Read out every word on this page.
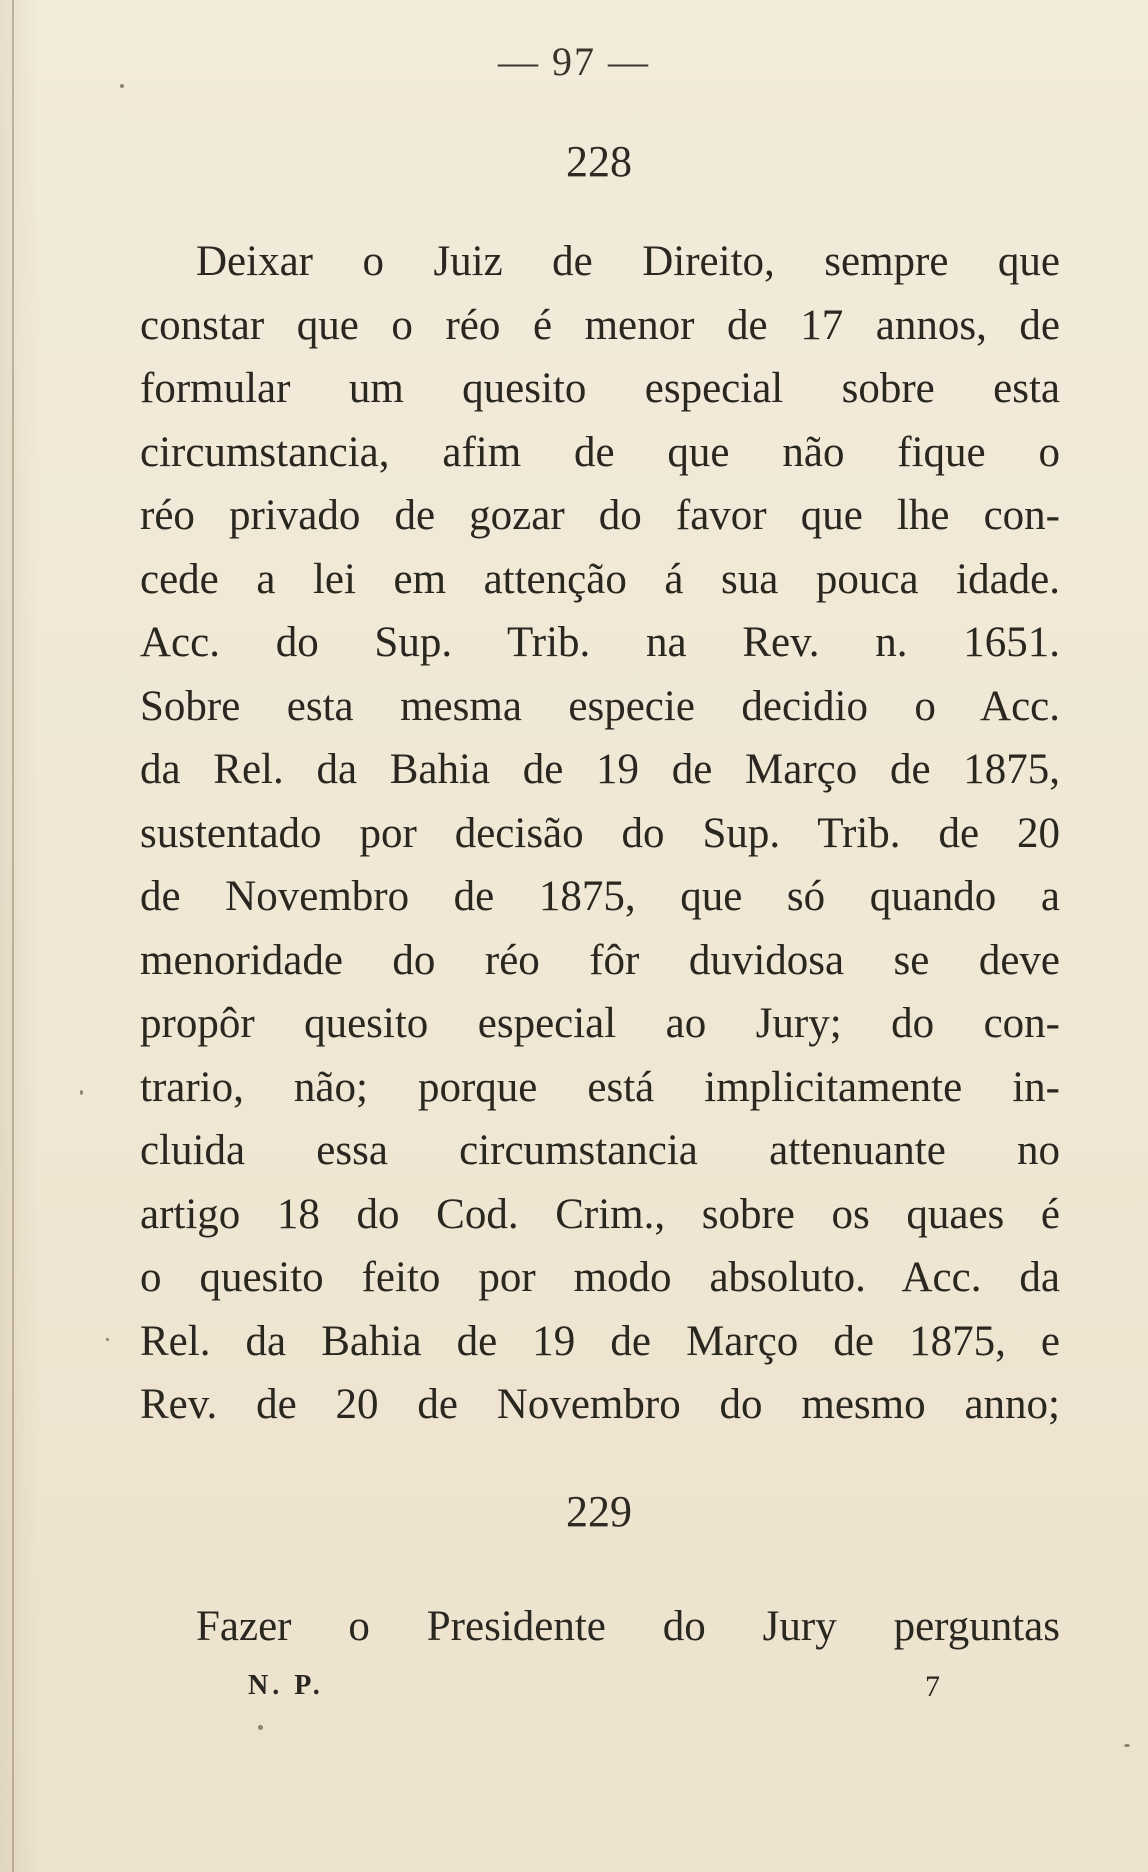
— 97 —
228
Deixar o Juiz de Direito, sempre que
constar que o réo é menor de 17 annos, de
formular um quesito especial sobre esta
circumstancia, afim de que não fique o
réo privado de gozar do favor que lhe con-
cede a lei em attenção á sua pouca idade.
Acc. do Sup. Trib. na Rev. n. 1651.
Sobre esta mesma especie decidio o Acc.
da Rel. da Bahia de 19 de Março de 1875,
sustentado por decisão do Sup. Trib. de 20
de Novembro de 1875, que só quando a
menoridade do réo fôr duvidosa se deve
propôr quesito especial ao Jury; do con-
trario, não; porque está implicitamente in-
cluida essa circumstancia attenuante no
artigo 18 do Cod. Crim., sobre os quaes é
o quesito feito por modo absoluto. Acc. da
Rel. da Bahia de 19 de Março de 1875, e
Rev. de 20 de Novembro do mesmo anno;
229
Fazer o Presidente do Jury perguntas
N. P.	7
